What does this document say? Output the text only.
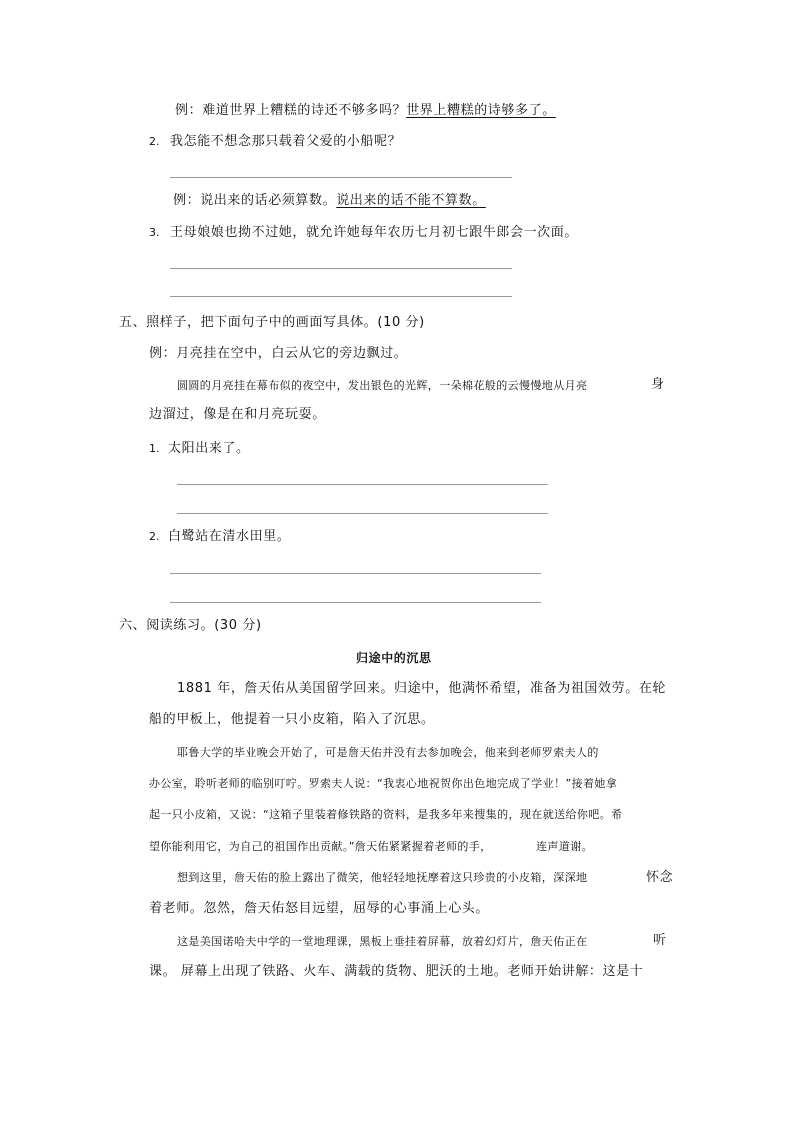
例：难道世界上糟糕的诗还不够多吗？世界上糟糕的诗够多了。
2. 我怎能不想念那只载着父爱的小船呢？
例：说出来的话必须算数。说出来的话不能不算数。
3. 王母娘娘也拗不过她，就允许她每年农历七月初七跟牛郎会一次面。
五、照样子，把下面句子中的画面写具体。(10 分)
例：月亮挂在空中，白云从它的旁边飘过。
圆圆的月亮挂在幕布似的夜空中，发出银色的光辉，一朵棉花般的云慢慢地从月亮	身
边溜过，像是在和月亮玩耍。
1. 太阳出来了。
2. 白鹭站在清水田里。
六、阅读练习。(30 分)
归途中的沉思
1881 年，詹天佑从美国留学回来。归途中，他满怀希望，准备为祖国效劳。在轮
船的甲板上，他提着一只小皮箱，陷入了沉思。
耶鲁大学的毕业晚会开始了，可是詹天佑并没有去参加晚会，他来到老师罗索夫人的
办公室，聆听老师的临别叮咛。罗索夫人说：“我衷心地祝贺你出色地完成了学业！”接着她拿
起一只小皮箱，又说：“这箱子里装着修铁路的资料，是我多年来搜集的，现在就送给你吧。希
望你能利用它，为自己的祖国作出贡献。”詹天佑紧紧握着老师的手，	连声道谢。
想到这里，詹天佑的脸上露出了微笑，他轻轻地抚摩着这只珍贵的小皮箱，深深地	怀念
着老师。忽然，詹天佑怒目远望，屈辱的心事涌上心头。
这是美国诺哈夫中学的一堂地理课，黑板上垂挂着屏幕，放着幻灯片，詹天佑正在	听
课。 屏幕上出现了铁路、火车、满载的货物、肥沃的土地。老师开始讲解：这是十
